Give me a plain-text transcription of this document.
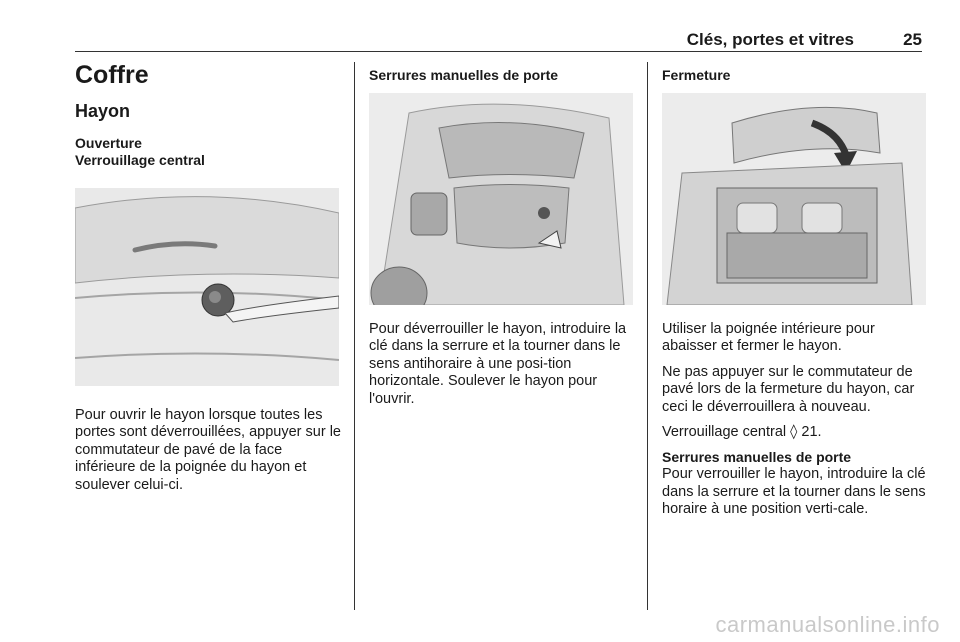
Clés, portes et vitres	25
Coffre
Hayon
Ouverture
Verrouillage central

Pour ouvrir le hayon lorsque toutes les portes sont déverrouillées, appuyer sur le commutateur de pavé de la face inférieure de la poignée du hayon et soulever celui-ci.

Serrures manuelles de porte

Pour déverrouiller le hayon, introduire la clé dans la serrure et la tourner dans le sens antihoraire à une posi-tion horizontale. Soulever le hayon pour l'ouvrir.

Fermeture

Utiliser la poignée intérieure pour abaisser et fermer le hayon.

Ne pas appuyer sur le commutateur de pavé lors de la fermeture du hayon, car ceci le déverrouillera à nouveau.

Verrouillage central ◊ 21.

Serrures manuelles de porte

Pour verrouiller le hayon, introduire la clé dans la serrure et la tourner dans le sens horaire à une position verti-cale.

carmanualsonline.info
